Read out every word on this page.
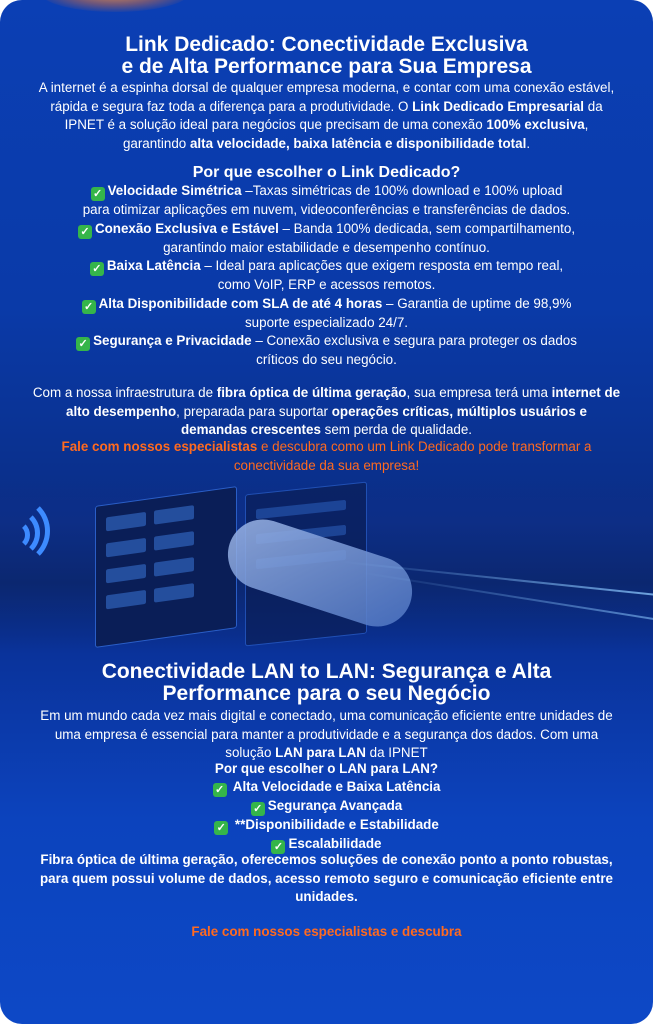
Link Dedicado: Conectividade Exclusiva
e de Alta Performance para Sua Empresa

A internet é a espinha dorsal de qualquer empresa moderna, e contar com uma conexão estável, rápida e segura faz toda a diferença para a produtividade. O Link Dedicado Empresarial da IPNET é a solução ideal para negócios que precisam de uma conexão 100% exclusiva, garantindo alta velocidade, baixa latência e disponibilidade total.

Por que escolher o Link Dedicado?
✓ Velocidade Simétrica –Taxas simétricas de 100% download e 100% upload
para otimizar aplicações em nuvem, videoconferências e transferências de dados.
✓ Conexão Exclusiva e Estável – Banda 100% dedicada, sem compartilhamento,
garantindo maior estabilidade e desempenho contínuo.
✓ Baixa Latência – Ideal para aplicações que exigem resposta em tempo real,
como VoIP, ERP e acessos remotos.
✓ Alta Disponibilidade com SLA de até 4 horas – Garantia de uptime de 98,9%
suporte especializado 24/7.
✓ Segurança e Privacidade – Conexão exclusiva e segura para proteger os dados
críticos do seu negócio.

Com a nossa infraestrutura de fibra óptica de última geração, sua empresa terá uma internet de alto desempenho, preparada para suportar operações críticas, múltiplos usuários e demandas crescentes sem perda de qualidade.

Fale com nossos especialistas e descubra como um Link Dedicado pode transformar a conectividade da sua empresa!

Conectividade LAN to LAN: Segurança e Alta
Performance para o seu Negócio

Em um mundo cada vez mais digital e conectado, uma comunicação eficiente entre unidades de uma empresa é essencial para manter a produtividade e a segurança dos dados. Com uma solução LAN para LAN da IPNET

Por que escolher o LAN para LAN?
✓ Alta Velocidade e Baixa Latência
✓ Segurança Avançada
✓ **Disponibilidade e Estabilidade
✓ Escalabilidade

Fibra óptica de última geração, oferecemos soluções de conexão ponto a ponto robustas, para quem possui volume de dados, acesso remoto seguro e comunicação eficiente entre unidades.

Fale com nossos especialistas e descubra
